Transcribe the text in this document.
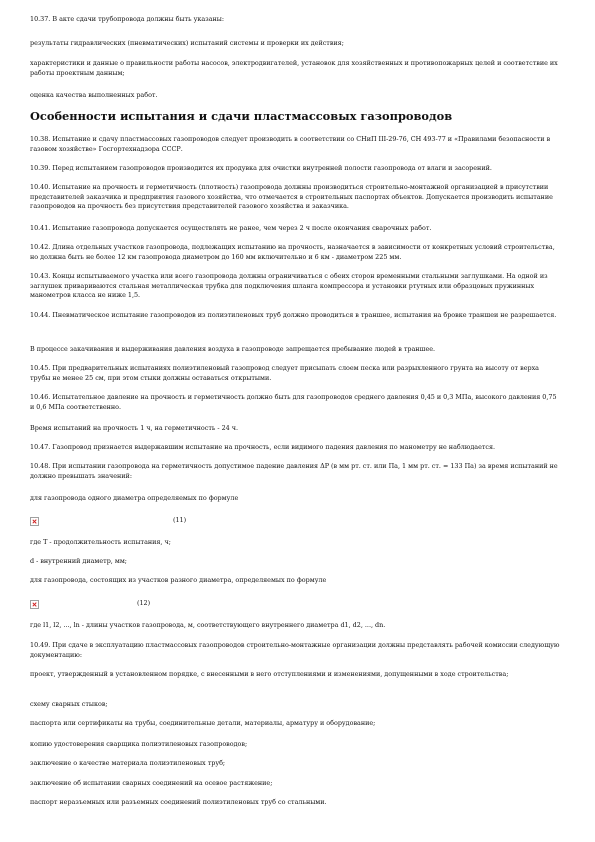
10.37. В акте сдачи трубопровода должны быть указаны:

результаты гидравлических (пневматических) испытаний системы и проверки их действия;

характеристики и данные о правильности работы насосов, электродвигателей, установок для хозяйственных и противопожарных целей и соответствие их работы проектным данным;

оценка качества выполненных работ.

Особенности испытания и сдачи пластмассовых газопроводов

10.38. Испытание и сдачу пластмассовых газопроводов следует производить в соответствии со СНиП III-29-76, СН 493-77 и «Правилами безопасности в газовом хозяйстве» Госгортехнадзора СССР.

10.39. Перед испытанием газопроводов производится их продувка для очистки внутренней полости газопровода от влаги и засорений.

10.40. Испытание на прочность и герметичность (плотность) газопровода должны производиться строительно-монтажной организацией в присутствии представителей заказчика и предприятия газового хозяйства, что отмечается в строительных паспортах объектов. Допускается производить испытание газопроводов на прочность без присутствия представителей газового хозяйства и заказчика.

10.41. Испытание газопровода допускается осуществлять не ранее, чем через 2 ч после окончания сварочных работ.

10.42. Длина отдельных участков газопровода, подлежащих испытанию на прочность, назначается в зависимости от конкретных условий строительства, но должна быть не более 12 км газопровода диаметром до 160 мм включительно и 6 км - диаметром 225 мм.

10.43. Концы испытываемого участка или всего газопровода должны ограничиваться с обеих сторон временными стальными заглушками. На одной из заглушек привариваются стальная металлическая трубка для подключения шланга компрессора и установки ртутных или образцовых пружинных манометров класса не ниже 1,5.

10.44. Пневматическое испытание газопроводов из полиэтиленовых труб должно проводиться в траншее, испытания на бровке траншеи не разрешается.

В процессе закачивания и выдерживания давления воздуха в газопроводе запрещается пребывание людей в траншее.

10.45. При предварительных испытаниях полиэтиленовый газопровод следует присыпать слоем песка или разрыхленного грунта на высоту от верха трубы не менее 25 см, при этом стыки должны оставаться открытыми.

10.46. Испытательное давление на прочность и герметичность должно быть для газопроводов среднего давления 0,45 и 0,3 МПа, высокого давления 0,75 и 0,6 МПа соответственно.

Время испытаний на прочность 1 ч, на герметичность - 24 ч.

10.47. Газопровод признается выдержавшим испытание на прочность, если видимого падения давления по манометру не наблюдается.

10.48. При испытании газопровода на герметичность допустимое падение давления ΔР (в мм рт. ст. или Па, 1 мм рт. ст. = 133 Па) за время испытаний не должно превышать значений:

для газопровода одного диаметра определяемых по формуле

(11)

где Т - продолжительность испытания, ч;

d - внутренний диаметр, мм;

для газопровода, состоящих из участков разного диаметра, определяемых по формуле

(12)

где l1, l2, ..., ln - длины участков газопровода, м, соответствующего внутреннего диаметра d1, d2, ..., dn.

10.49. При сдаче в эксплуатацию пластмассовых газопроводов строительно-монтажные организации должны представлять рабочей комиссии следующую документацию:

проект, утвержденный в установленном порядке, с внесенными в него отступлениями и изменениями, допущенными в ходе строительства;

схему сварных стыков;

паспорта или сертификаты на трубы, соединительные детали, материалы, арматуру и оборудование;

копию удостоверения сварщика полиэтиленовых газопроводов;

заключение о качестве материала полиэтиленовых труб;

заключение об испытании сварных соединений на осевое растяжение;

паспорт неразъемных или разъемных соединений полиэтиленовых труб со стальными.
